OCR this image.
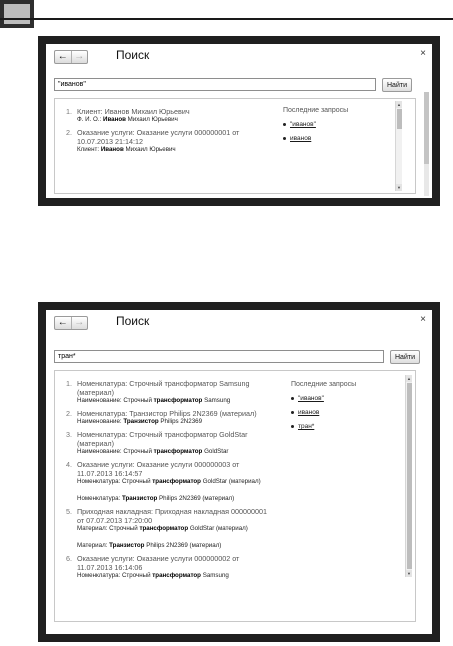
← →	Поиск	×
"иванов"
Найти
1. Клиент: Иванов Михаил Юрьевич
Ф. И. О.: Иванов Михаил Юрьевич
2. Оказание услуги: Оказание услуги 000000001 от 10.07.2013 21:14:12
Клиент: Иванов Михаил Юрьевич
Последние запросы
"иванов"
иванов
▲
▼
← →	Поиск	×
тран*
Найти
1. Номенклатура: Строчный трансформатор Samsung (материал)
Наименование: Строчный трансформатор Samsung
2. Номенклатура: Транзистор Philips 2N2369 (материал)
Наименование: Транзистор Philips 2N2369
3. Номенклатура: Строчный трансформатор GoldStar (материал)
Наименование: Строчный трансформатор GoldStar
4. Оказание услуги: Оказание услуги 000000003 от 11.07.2013 16:14:57
Номенклатура: Строчный трансформатор GoldStar (материал)
Номенклатура: Транзистор Philips 2N2369 (материал)
5. Приходная накладная: Приходная накладная 000000001 от 07.07.2013 17:20:00
Материал: Строчный трансформатор GoldStar (материал)
Материал: Транзистор Philips 2N2369 (материал)
6. Оказание услуги: Оказание услуги 000000002 от 11.07.2013 16:14:06
Номенклатура: Строчный трансформатор Samsung
Последние запросы
"иванов"
иванов
тран*
▲
▼
